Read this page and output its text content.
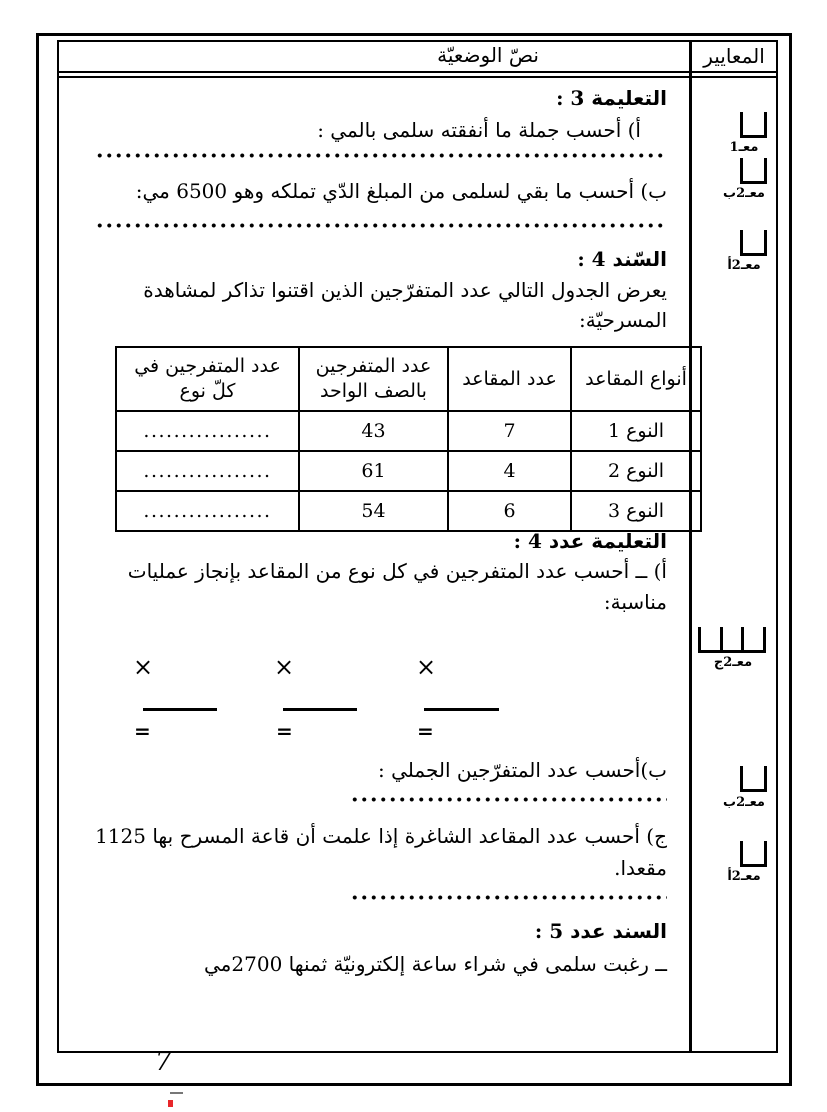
المعايير
نصّ الوضعيّة
التعليمة 3 :
أ) أحسب جملة ما أنفقته سلمى بالمي :
ب) أحسب ما بقي لسلمى من المبلغ الدّي تملكه وهو 6500 مي:
السّند 4 :
يعرض الجدول التالي عدد المتفرّجين الذين اقتنوا تذاكر لمشاهدة
المسرحيّة:
أنواع المقاعد	عدد المقاعد	عدد المتفرجين بالصف الواحد	عدد المتفرجين في كلّ نوع
النوع 1	7	43	.................
النوع 2	4	61	.................
النوع 3	6	54	.................
التعليمة عدد 4 :
أ) ــ أحسب عدد المتفرجين في كل نوع من المقاعد بإنجاز عمليات
مناسبة:
×
=
×
=
×
=
ب)أحسب عدد المتفرّجين الجملي :
ج) أحسب عدد المقاعد الشاغرة إذا علمت أن قاعة المسرح بها 1125
مقعدا.
السند عدد 5 :
ــ رغبت سلمى في شراء ساعة إلكترونيّة ثمنها 2700مي
معـ1
معـ2ب
معـ2أ
معـ2ج
معـ2ب
معـ2أ
7
